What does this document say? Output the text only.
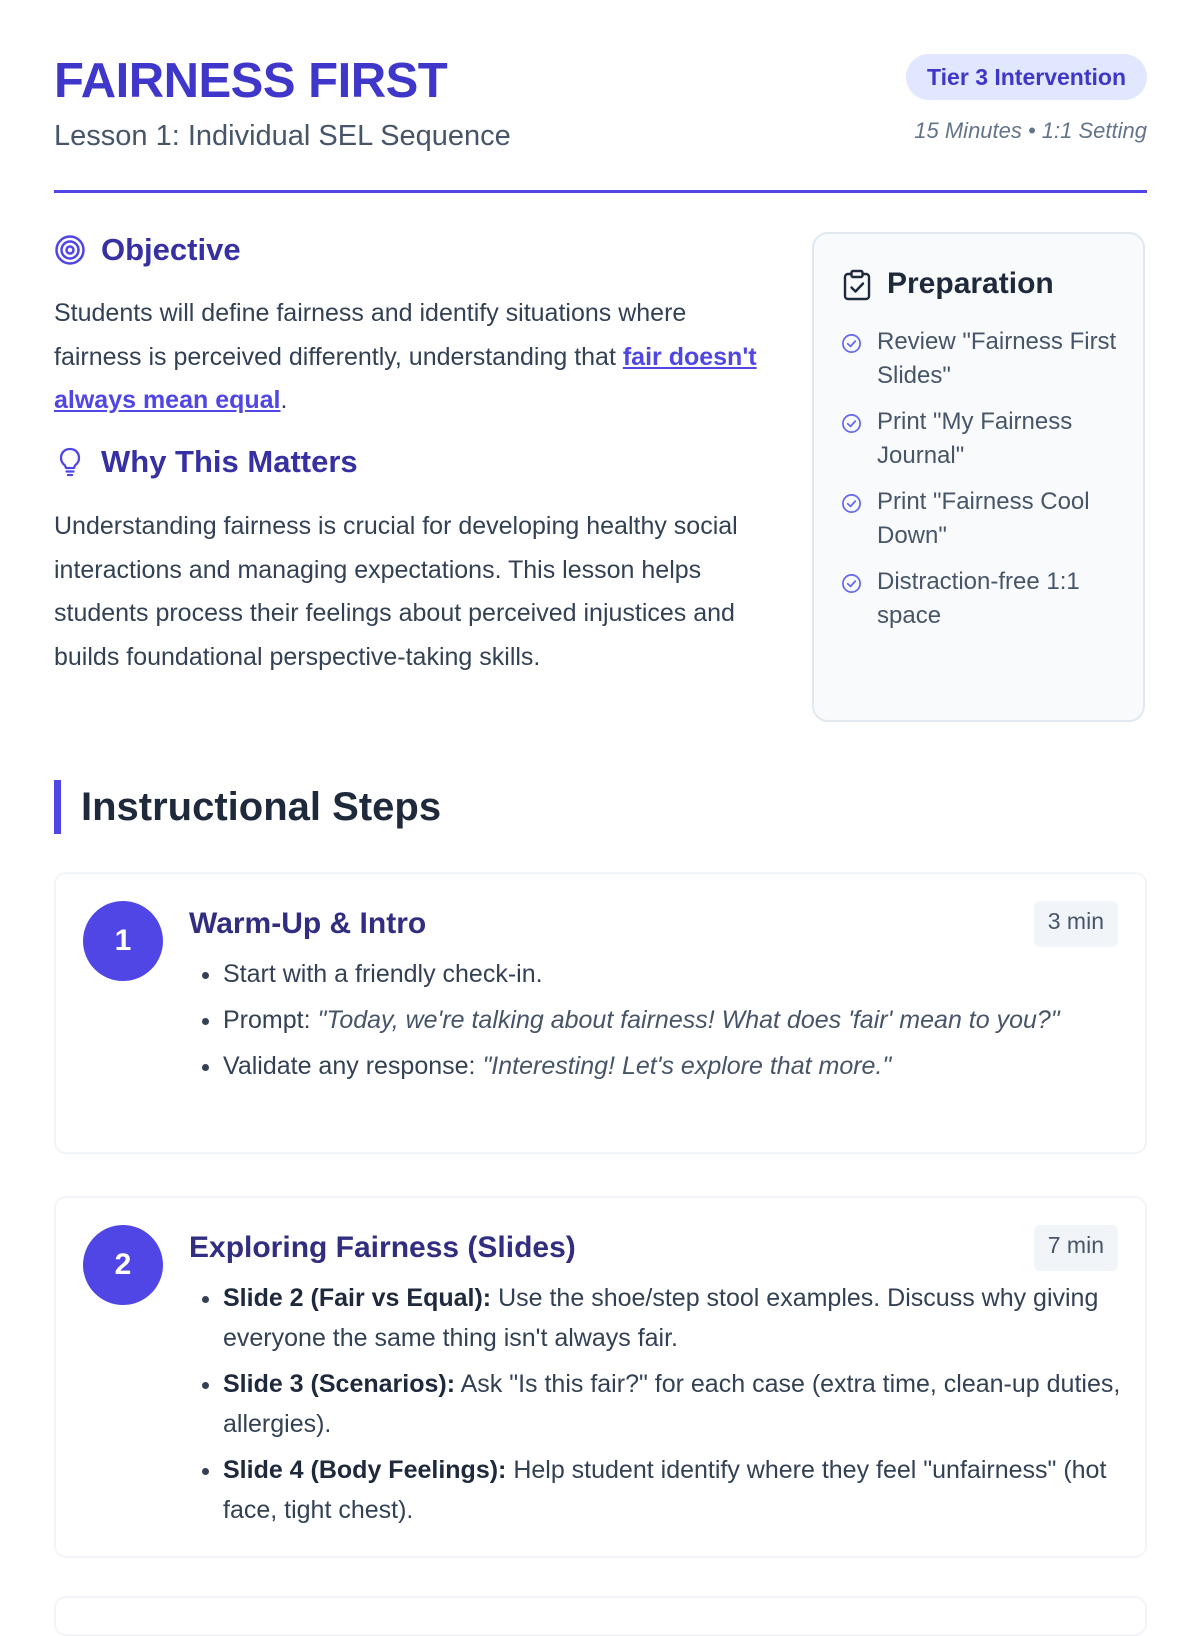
FAIRNESS FIRST
Lesson 1: Individual SEL Sequence
Tier 3 Intervention
15 Minutes • 1:1 Setting
Objective

Students will define fairness and identify situations where fairness is perceived differently, understanding that fair doesn't always mean equal.

Why This Matters

Understanding fairness is crucial for developing healthy social interactions and managing expectations. This lesson helps students process their feelings about perceived injustices and builds foundational perspective-taking skills.

Preparation
Review "Fairness First Slides"
Print "My Fairness Journal"
Print "Fairness Cool Down"
Distraction-free 1:1 space
Instructional Steps
1
Warm-Up & Intro	3 min
• Start with a friendly check-in.
• Prompt: "Today, we're talking about fairness! What does 'fair' mean to you?"
• Validate any response: "Interesting! Let's explore that more."
2
Exploring Fairness (Slides)	7 min
• Slide 2 (Fair vs Equal): Use the shoe/step stool examples. Discuss why giving everyone the same thing isn't always fair.
• Slide 3 (Scenarios): Ask "Is this fair?" for each case (extra time, clean-up duties, allergies).
• Slide 4 (Body Feelings): Help student identify where they feel "unfairness" (hot face, tight chest).
